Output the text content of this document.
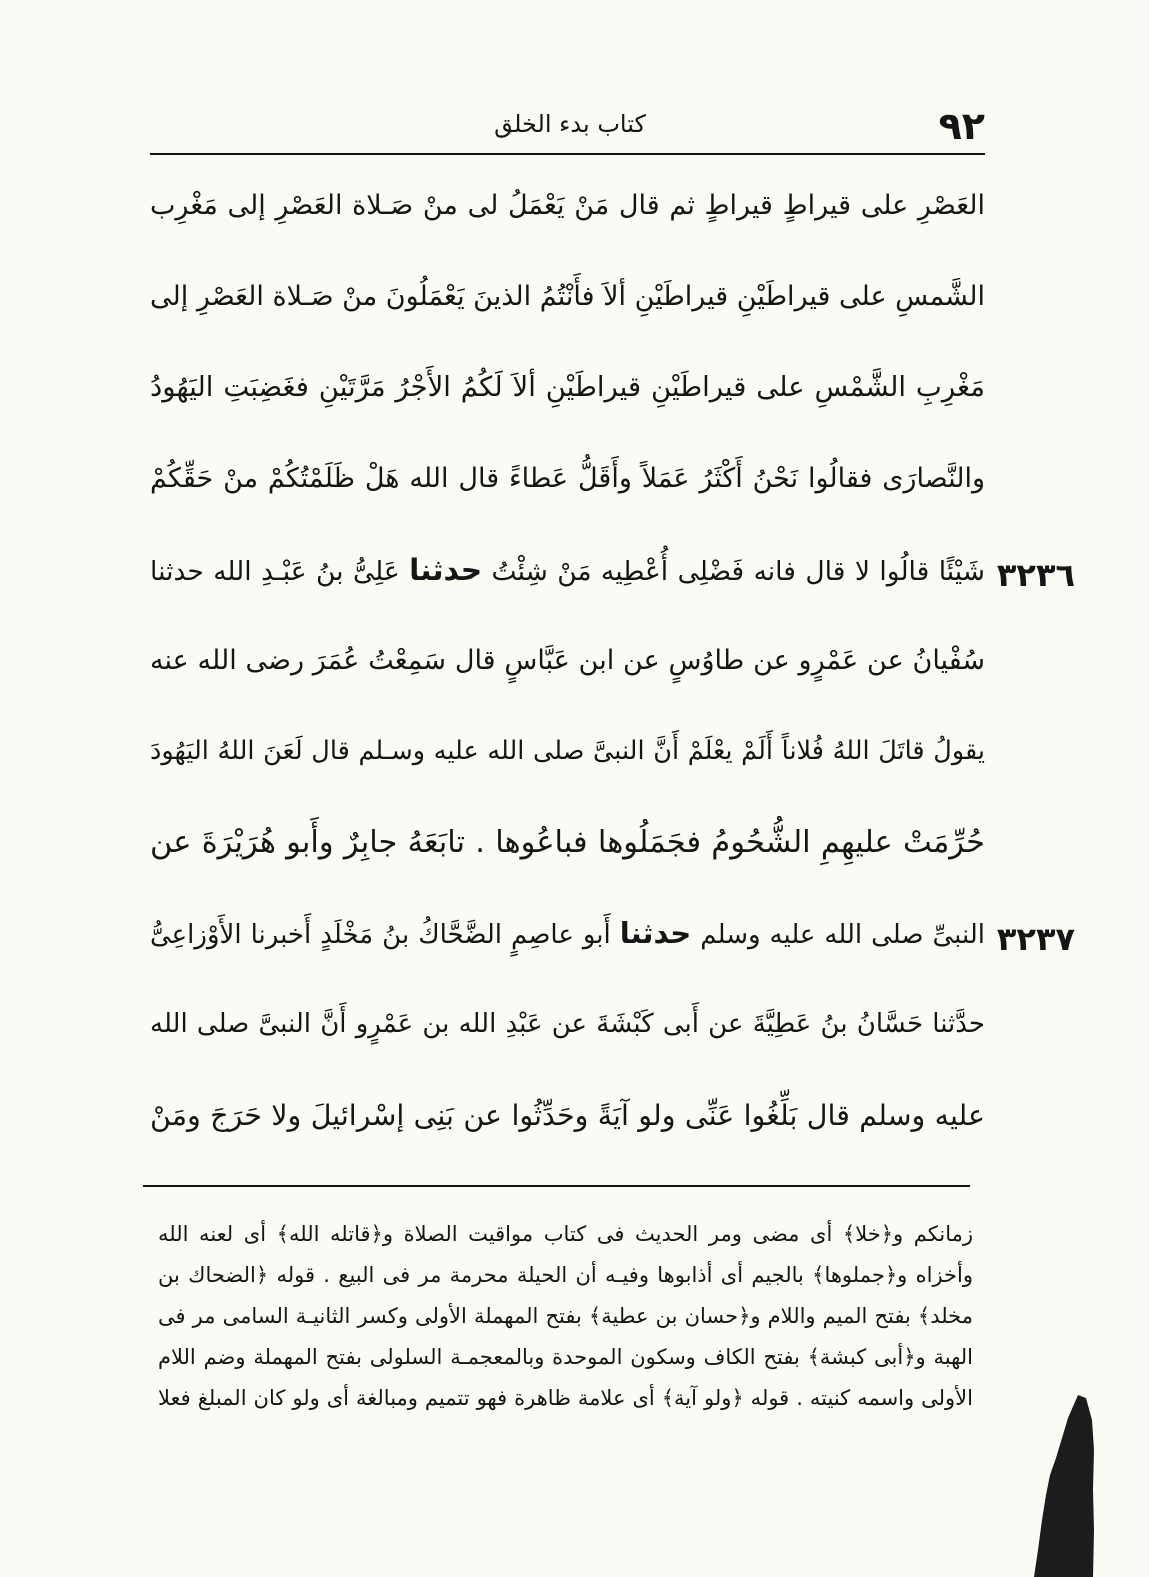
كتاب بدء الخلق	٩٢
العَصْرِ على قيراطٍ قيراطٍ ثم قال مَنْ يَعْمَلُ لى منْ صَـلاة العَصْرِ إلى مَغْرِب
الشَّمسِ على قيراطَيْنِ قيراطَيْنِ ألاَ فأَنْتُمُ الذينَ يَعْمَلُونَ منْ صَـلاة العَصْرِ إلى
مَغْرِبِ الشَّمْسِ على قيراطَيْنِ قيراطَيْنِ ألاَ لَكُمُ الأَجْرُ مَرَّتَيْنِ فغَضِبَتِ اليَهُودُ
والنَّصارَى فقالُوا نَحْنُ أَكْثَرُ عَمَلاً وأَقَلُّ عَطاءً قال الله هَلْ ظَلَمْتُكُمْ منْ حَقِّكُمْ
شَيْئًا قالُوا لا قال فانه فَضْلِى أُعْطِيه مَنْ شِئْتُ حدثنا عَلِىُّ بنُ عَبْـدِ الله حدثنا
سُفْيانُ عن عَمْرٍو عن طاوُسٍ عن ابن عَبَّاسٍ قال سَمِعْتُ عُمَرَ رضى الله عنه
يقولُ قاتَلَ اللهُ فُلاناً أَلَمْ يعْلَمْ أَنَّ النبىَّ صلى الله عليه وسـلم قال لَعَنَ اللهُ اليَهُودَ
حُرِّمَتْ عليهِمِ الشُّحُومُ فجَمَلُوها فباعُوها . تابَعَهُ جابِرٌ وأَبو هُرَيْرَةَ عن
النبىِّ صلى الله عليه وسلم حدثنا أَبو عاصِمٍ الضَّحَّاكُ بنُ مَخْلَدٍ أَخبرنا الأَوْزاعِىُّ
حدَّثنا حَسَّانُ بنُ عَطِيَّةَ عن أَبى كَبْشَةَ عن عَبْدِ الله بن عَمْرٍو أَنَّ النبىَّ صلى الله
عليه وسلم قال بَلِّغُوا عَنِّى ولو آيَةً وحَدِّثُوا عن بَنِى إسْرائيلَ ولا حَرَجَ ومَنْ
٣٢٣٦
٣٢٣٧
زمانكم و﴿خلا﴾ أى مضى ومر الحديث فى كتاب مواقيت الصلاة و﴿قاتله الله﴾ أى لعنه الله
وأخزاه و﴿جملوها﴾ بالجيم أى أذابوها وفيـه أن الحيلة محرمة مر فى البيع . قوله ﴿الضحاك بن
مخلد﴾ بفتح الميم واللام و﴿حسان بن عطية﴾ بفتح المهملة الأولى وكسر الثانيـة السامى مر فى
الهبة و﴿أبى كبشة﴾ بفتح الكاف وسكون الموحدة وبالمعجمـة السلولى بفتح المهملة وضم اللام
الأولى واسمه كنيته . قوله ﴿ولو آية﴾ أى علامة ظاهرة فهو تتميم ومبالغة أى ولو كان المبلغ فعلا
